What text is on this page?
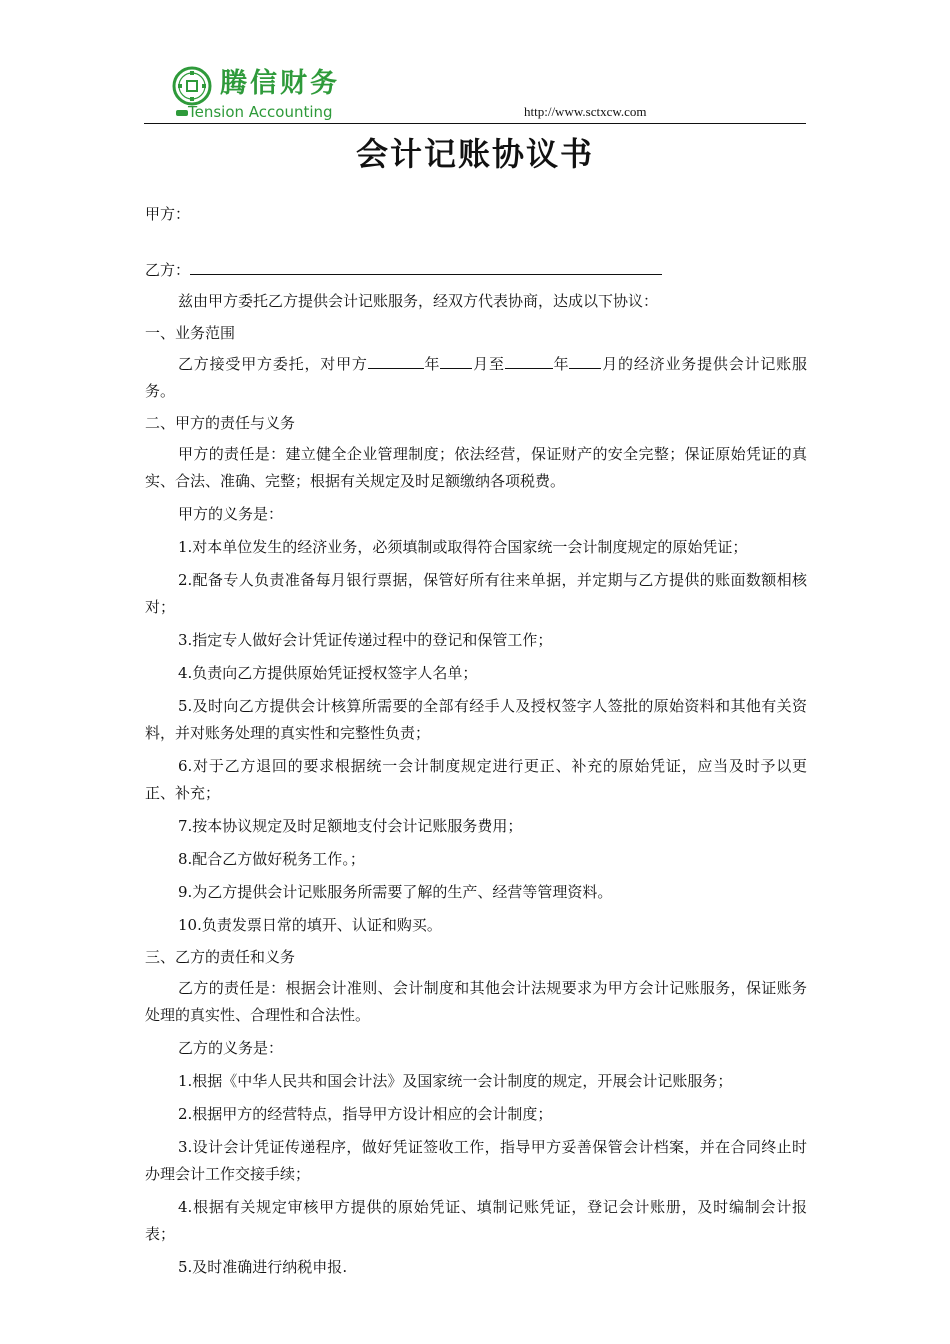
腾信财务
Tension Accounting	http://www.sctxcw.com
会计记账协议书

甲方：

乙方：

兹由甲方委托乙方提供会计记账服务，经双方代表协商，达成以下协议：

一、业务范围

乙方接受甲方委托，对甲方	年 月至	年 月的经济业务提供会计记账服务。

二、甲方的责任与义务

甲方的责任是：建立健全企业管理制度；依法经营，保证财产的安全完整；保证原始凭证的真实、合法、准确、完整；根据有关规定及时足额缴纳各项税费。

甲方的义务是：

1.对本单位发生的经济业务，必须填制或取得符合国家统一会计制度规定的原始凭证；

2.配备专人负责准备每月银行票据，保管好所有往来单据，并定期与乙方提供的账面数额相核对；

3.指定专人做好会计凭证传递过程中的登记和保管工作；

4.负责向乙方提供原始凭证授权签字人名单；

5.及时向乙方提供会计核算所需要的全部有经手人及授权签字人签批的原始资料和其他有关资料，并对账务处理的真实性和完整性负责；

6.对于乙方退回的要求根据统一会计制度规定进行更正、补充的原始凭证，应当及时予以更正、补充；

7.按本协议规定及时足额地支付会计记账服务费用；

8.配合乙方做好税务工作。；

9.为乙方提供会计记账服务所需要了解的生产、经营等管理资料。

10.负责发票日常的填开、认证和购买。

三、乙方的责任和义务

乙方的责任是：根据会计准则、会计制度和其他会计法规要求为甲方会计记账服务，保证账务处理的真实性、合理性和合法性。

乙方的义务是：

1.根据《中华人民共和国会计法》及国家统一会计制度的规定，开展会计记账服务；

2.根据甲方的经营特点，指导甲方设计相应的会计制度；

3.设计会计凭证传递程序，做好凭证签收工作，指导甲方妥善保管会计档案，并在合同终止时办理会计工作交接手续；

4.根据有关规定审核甲方提供的原始凭证、填制记账凭证，登记会计账册，及时编制会计报表；

5.及时准确进行纳税申报.
